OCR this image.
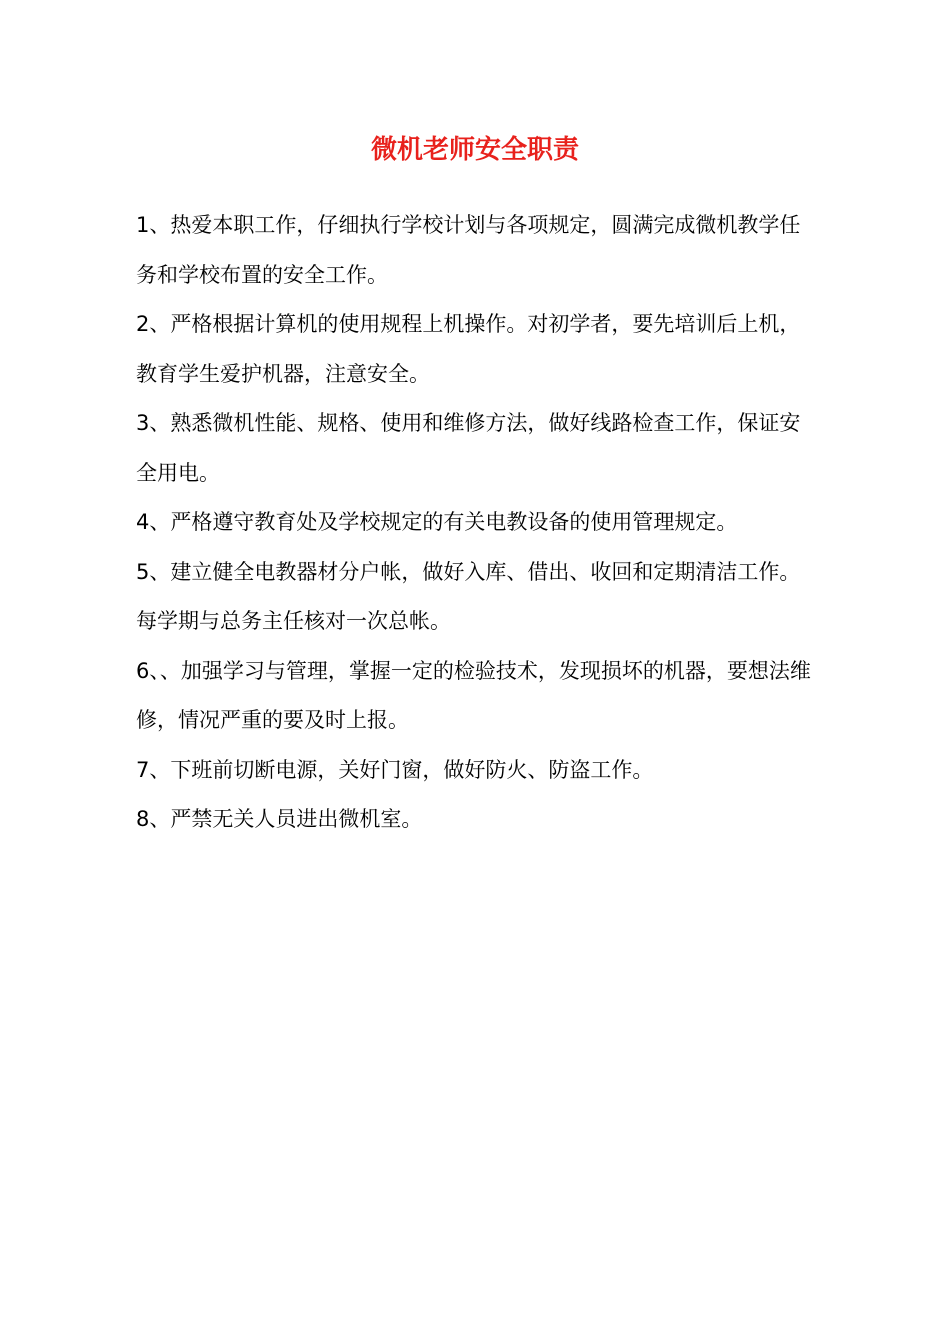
微机老师安全职责

1、热爱本职工作，仔细执行学校计划与各项规定，圆满完成微机教学任务和学校布置的安全工作。

2、严格根据计算机的使用规程上机操作。对初学者，要先培训后上机，教育学生爱护机器，注意安全。

3、熟悉微机性能、规格、使用和维修方法，做好线路检查工作，保证安全用电。

4、严格遵守教育处及学校规定的有关电教设备的使用管理规定。

5、建立健全电教器材分户帐，做好入库、借出、收回和定期清洁工作。每学期与总务主任核对一次总帐。

6、、加强学习与管理，掌握一定的检验技术，发现损坏的机器，要想法维修，情况严重的要及时上报。

7、下班前切断电源，关好门窗，做好防火、防盗工作。

8、严禁无关人员进出微机室。
